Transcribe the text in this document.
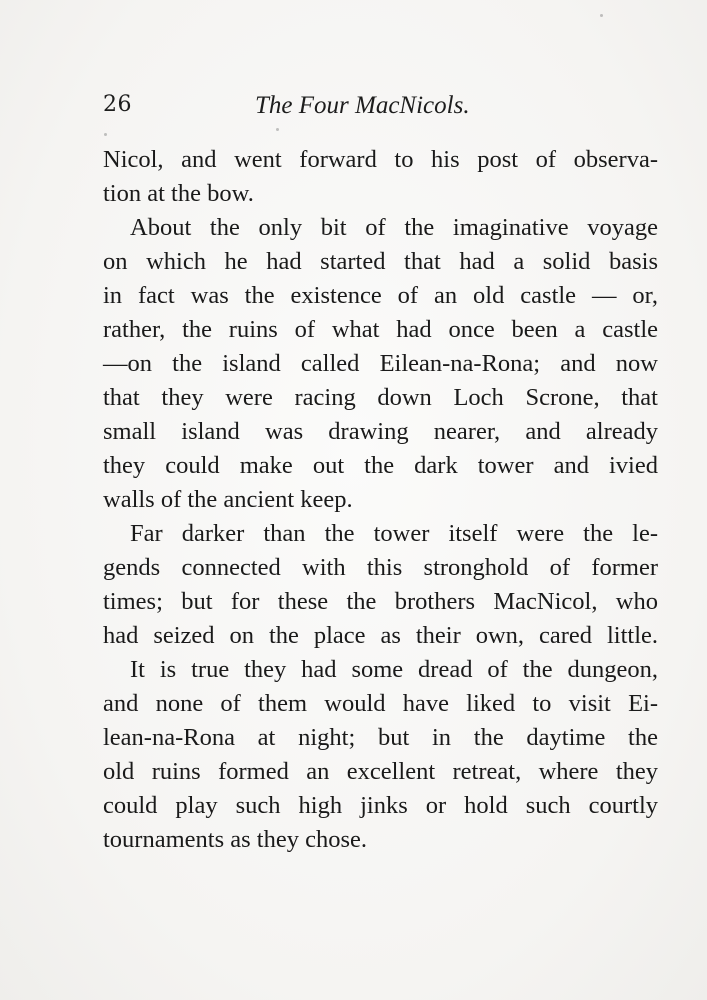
26	The Four MacNicols.
Nicol, and went forward to his post of observa-
tion at the bow.
About the only bit of the imaginative voyage
on which he had started that had a solid basis
in fact was the existence of an old castle — or,
rather, the ruins of what had once been a castle
—on the island called Eilean-na-Rona; and now
that they were racing down Loch Scrone, that
small island was drawing nearer, and already
they could make out the dark tower and ivied
walls of the ancient keep.
Far darker than the tower itself were the le-
gends connected with this stronghold of former
times; but for these the brothers MacNicol, who
had seized on the place as their own, cared little.
It is true they had some dread of the dungeon,
and none of them would have liked to visit Ei-
lean-na-Rona at night; but in the daytime the
old ruins formed an excellent retreat, where they
could play such high jinks or hold such courtly
tournaments as they chose.
